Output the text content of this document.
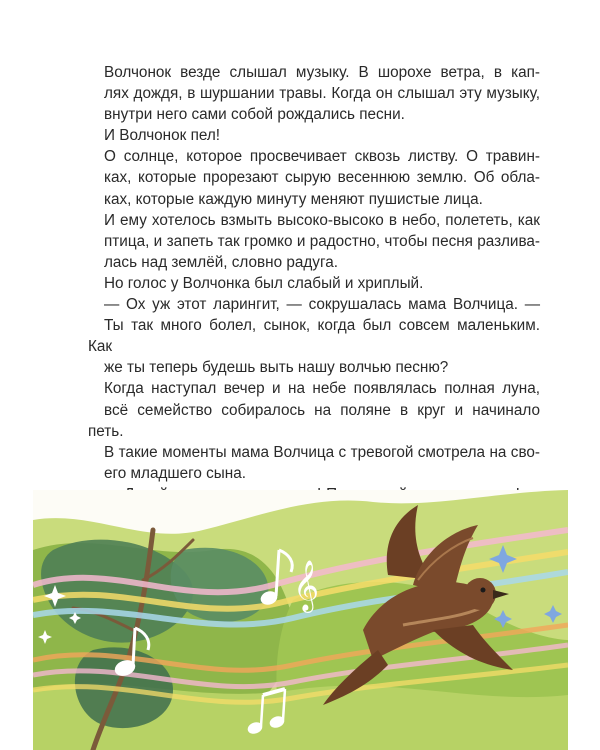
Волчонок везде слышал музыку. В шорохе ветра, в кап-
лях дождя, в шуршании травы. Когда он слышал эту музыку,
внутри него сами собой рождались песни.

И Волчонок пел!

О солнце, которое просвечивает сквозь листву. О травин-
ках, которые прорезают сырую весеннюю землю. Об обла-
ках, которые каждую минуту меняют пушистые лица.

И ему хотелось взмыть высоко-высоко в небо, полететь, как
птица, и запеть так громко и радостно, чтобы песня разлива-
лась над землёй, словно радуга.

Но голос у Волчонка был слабый и хриплый.

— Ох уж этот ларингит, — сокрушалась мама Волчица. —
Ты так много болел, сынок, когда был совсем маленьким. Как
же ты теперь будешь выть нашу волчью песню?

Когда наступал вечер и на небе появлялась полная луна,
всё семейство собиралось на поляне в круг и начинало петь.

В такие моменты мама Волчица с тревогой смотрела на сво-
его младшего сына.

𝄞
